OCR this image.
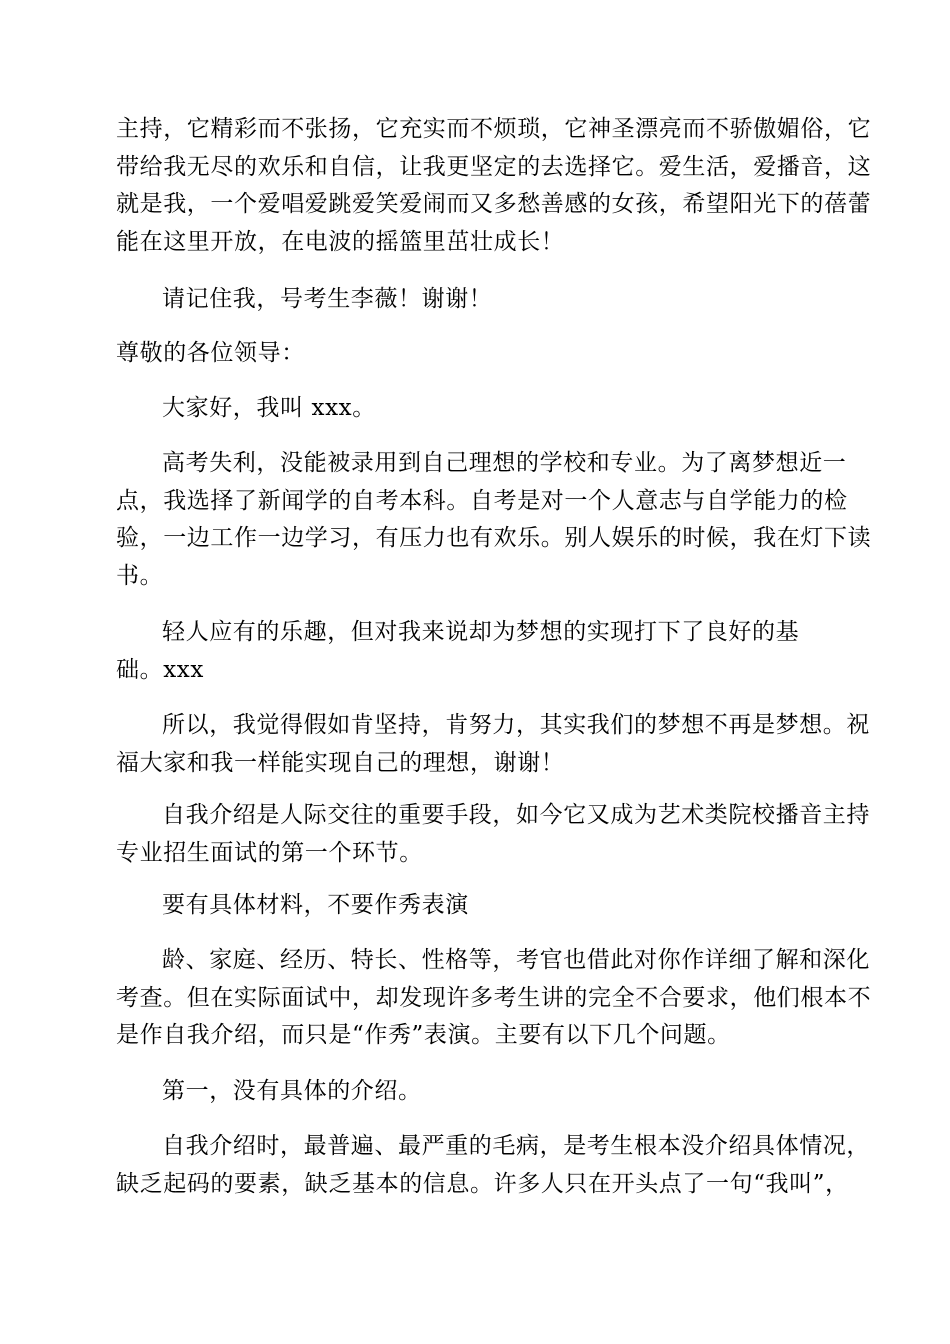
主持，它精彩而不张扬，它充实而不烦琐，它神圣漂亮而不骄傲媚俗，它
带给我无尽的欢乐和自信，让我更坚定的去选择它。爱生活，爱播音，这
就是我，一个爱唱爱跳爱笑爱闹而又多愁善感的女孩，希望阳光下的蓓蕾
能在这里开放，在电波的摇篮里茁壮成长！
请记住我，号考生李薇！谢谢！
尊敬的各位领导：
大家好，我叫 xxx。
高考失利，没能被录用到自己理想的学校和专业。为了离梦想近一
点，我选择了新闻学的自考本科。自考是对一个人意志与自学能力的检
验，一边工作一边学习，有压力也有欢乐。别人娱乐的时候，我在灯下读
书。
轻人应有的乐趣，但对我来说却为梦想的实现打下了良好的基
础。xxx
所以，我觉得假如肯坚持，肯努力，其实我们的梦想不再是梦想。祝
福大家和我一样能实现自己的理想，谢谢！
自我介绍是人际交往的重要手段，如今它又成为艺术类院校播音主持
专业招生面试的第一个环节。
要有具体材料，不要作秀表演
龄、家庭、经历、特长、性格等，考官也借此对你作详细了解和深化
考查。但在实际面试中，却发现许多考生讲的完全不合要求，他们根本不
是作自我介绍，而只是“作秀”表演。主要有以下几个问题。
第一，没有具体的介绍。
自我介绍时，最普遍、最严重的毛病，是考生根本没介绍具体情况，
缺乏起码的要素，缺乏基本的信息。许多人只在开头点了一句“我叫”，
